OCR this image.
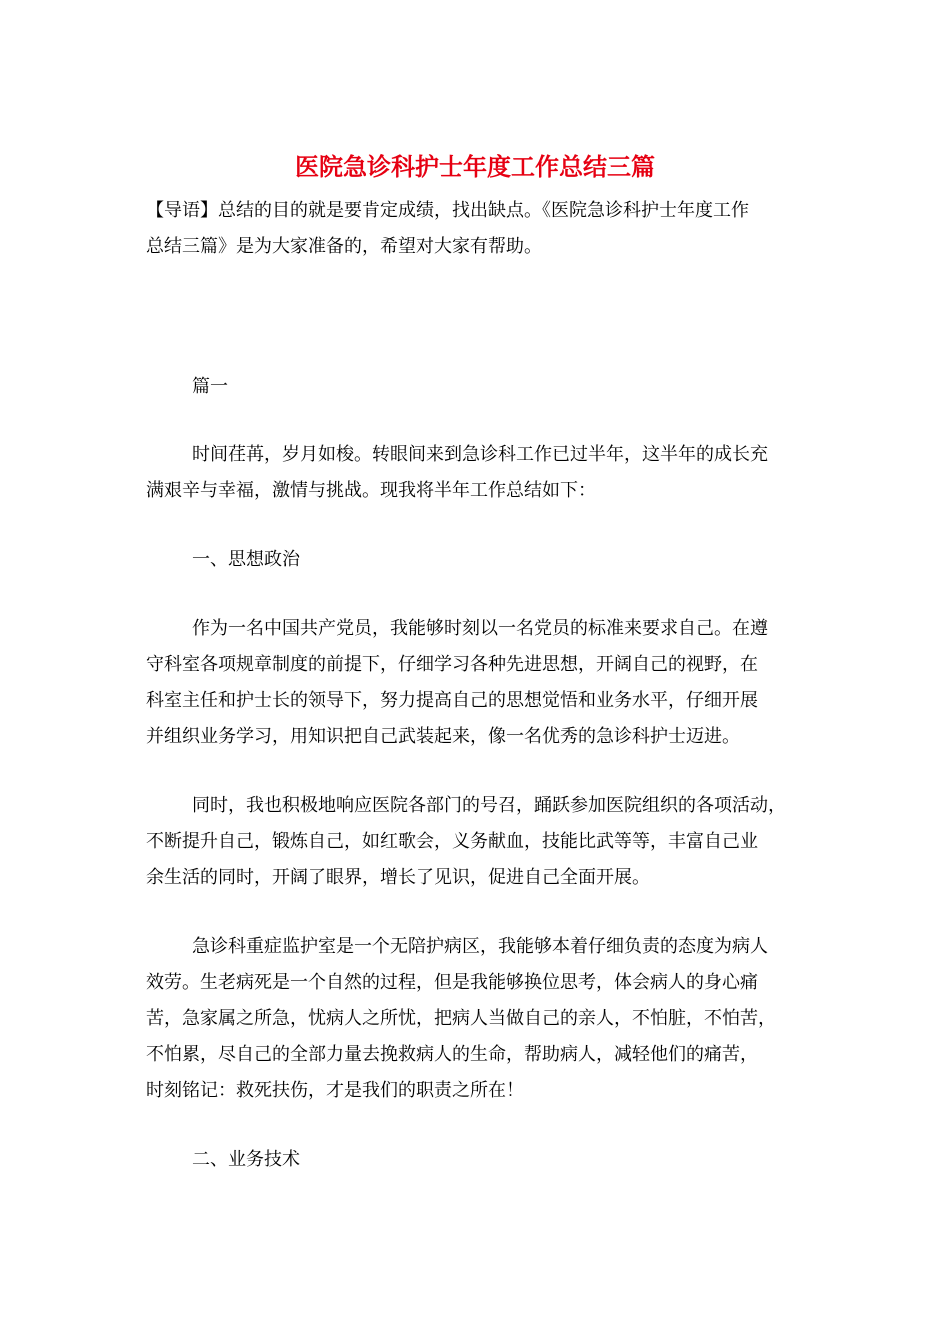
医院急诊科护士年度工作总结三篇
【导语】总结的目的就是要肯定成绩，找出缺点。《医院急诊科护士年度工作
总结三篇》是为大家准备的，希望对大家有帮助。
篇一
时间荏苒，岁月如梭。转眼间来到急诊科工作已过半年，这半年的成长充
满艰辛与幸福，激情与挑战。现我将半年工作总结如下：
一、思想政治
作为一名中国共产党员，我能够时刻以一名党员的标准来要求自己。在遵
守科室各项规章制度的前提下，仔细学习各种先进思想，开阔自己的视野，在
科室主任和护士长的领导下，努力提高自己的思想觉悟和业务水平，仔细开展
并组织业务学习，用知识把自己武装起来，像一名优秀的急诊科护士迈进。
同时，我也积极地响应医院各部门的号召，踊跃参加医院组织的各项活动，
不断提升自己，锻炼自己，如红歌会，义务献血，技能比武等等，丰富自己业
余生活的同时，开阔了眼界，增长了见识，促进自己全面开展。
急诊科重症监护室是一个无陪护病区，我能够本着仔细负责的态度为病人
效劳。生老病死是一个自然的过程，但是我能够换位思考，体会病人的身心痛
苦，急家属之所急，忧病人之所忧，把病人当做自己的亲人，不怕脏，不怕苦，
不怕累，尽自己的全部力量去挽救病人的生命，帮助病人，减轻他们的痛苦，
时刻铭记：救死扶伤，才是我们的职责之所在！
二、业务技术
